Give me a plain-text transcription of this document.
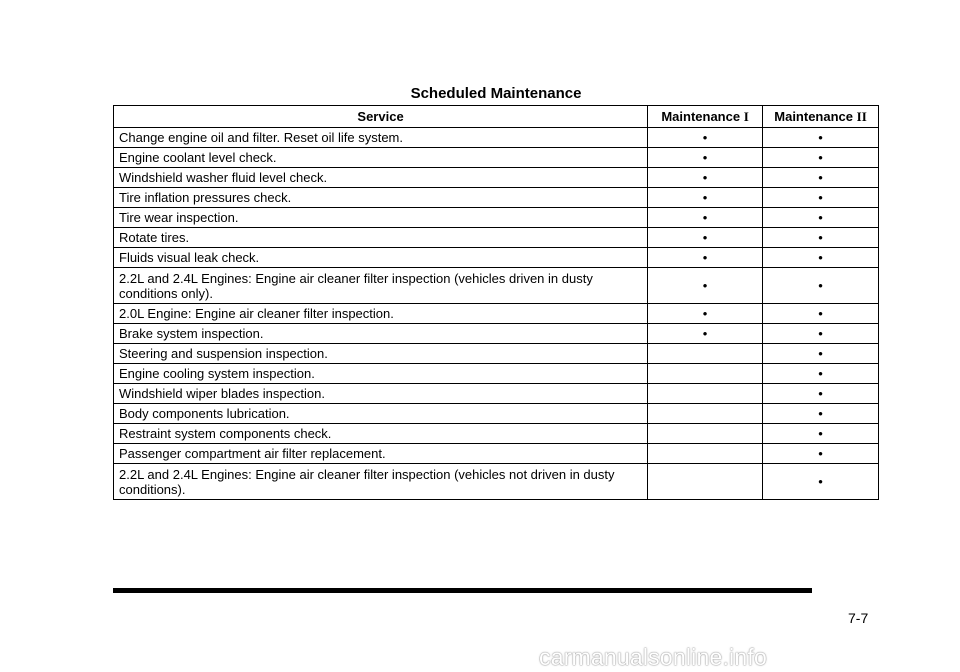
Scheduled Maintenance
Service	Maintenance I	Maintenance II
Change engine oil and filter. Reset oil life system.	•	•
Engine coolant level check.	•	•
Windshield washer fluid level check.	•	•
Tire inflation pressures check.	•	•
Tire wear inspection.	•	•
Rotate tires.	•	•
Fluids visual leak check.	•	•
2.2L and 2.4L Engines: Engine air cleaner filter inspection (vehicles driven in dusty conditions only).	•	•
2.0L Engine: Engine air cleaner filter inspection.	•	•
Brake system inspection.	•	•
Steering and suspension inspection.		•
Engine cooling system inspection.		•
Windshield wiper blades inspection.		•
Body components lubrication.		•
Restraint system components check.		•
Passenger compartment air filter replacement.		•
2.2L and 2.4L Engines: Engine air cleaner filter inspection (vehicles not driven in dusty conditions).		•
7-7
carmanualsonline.info
